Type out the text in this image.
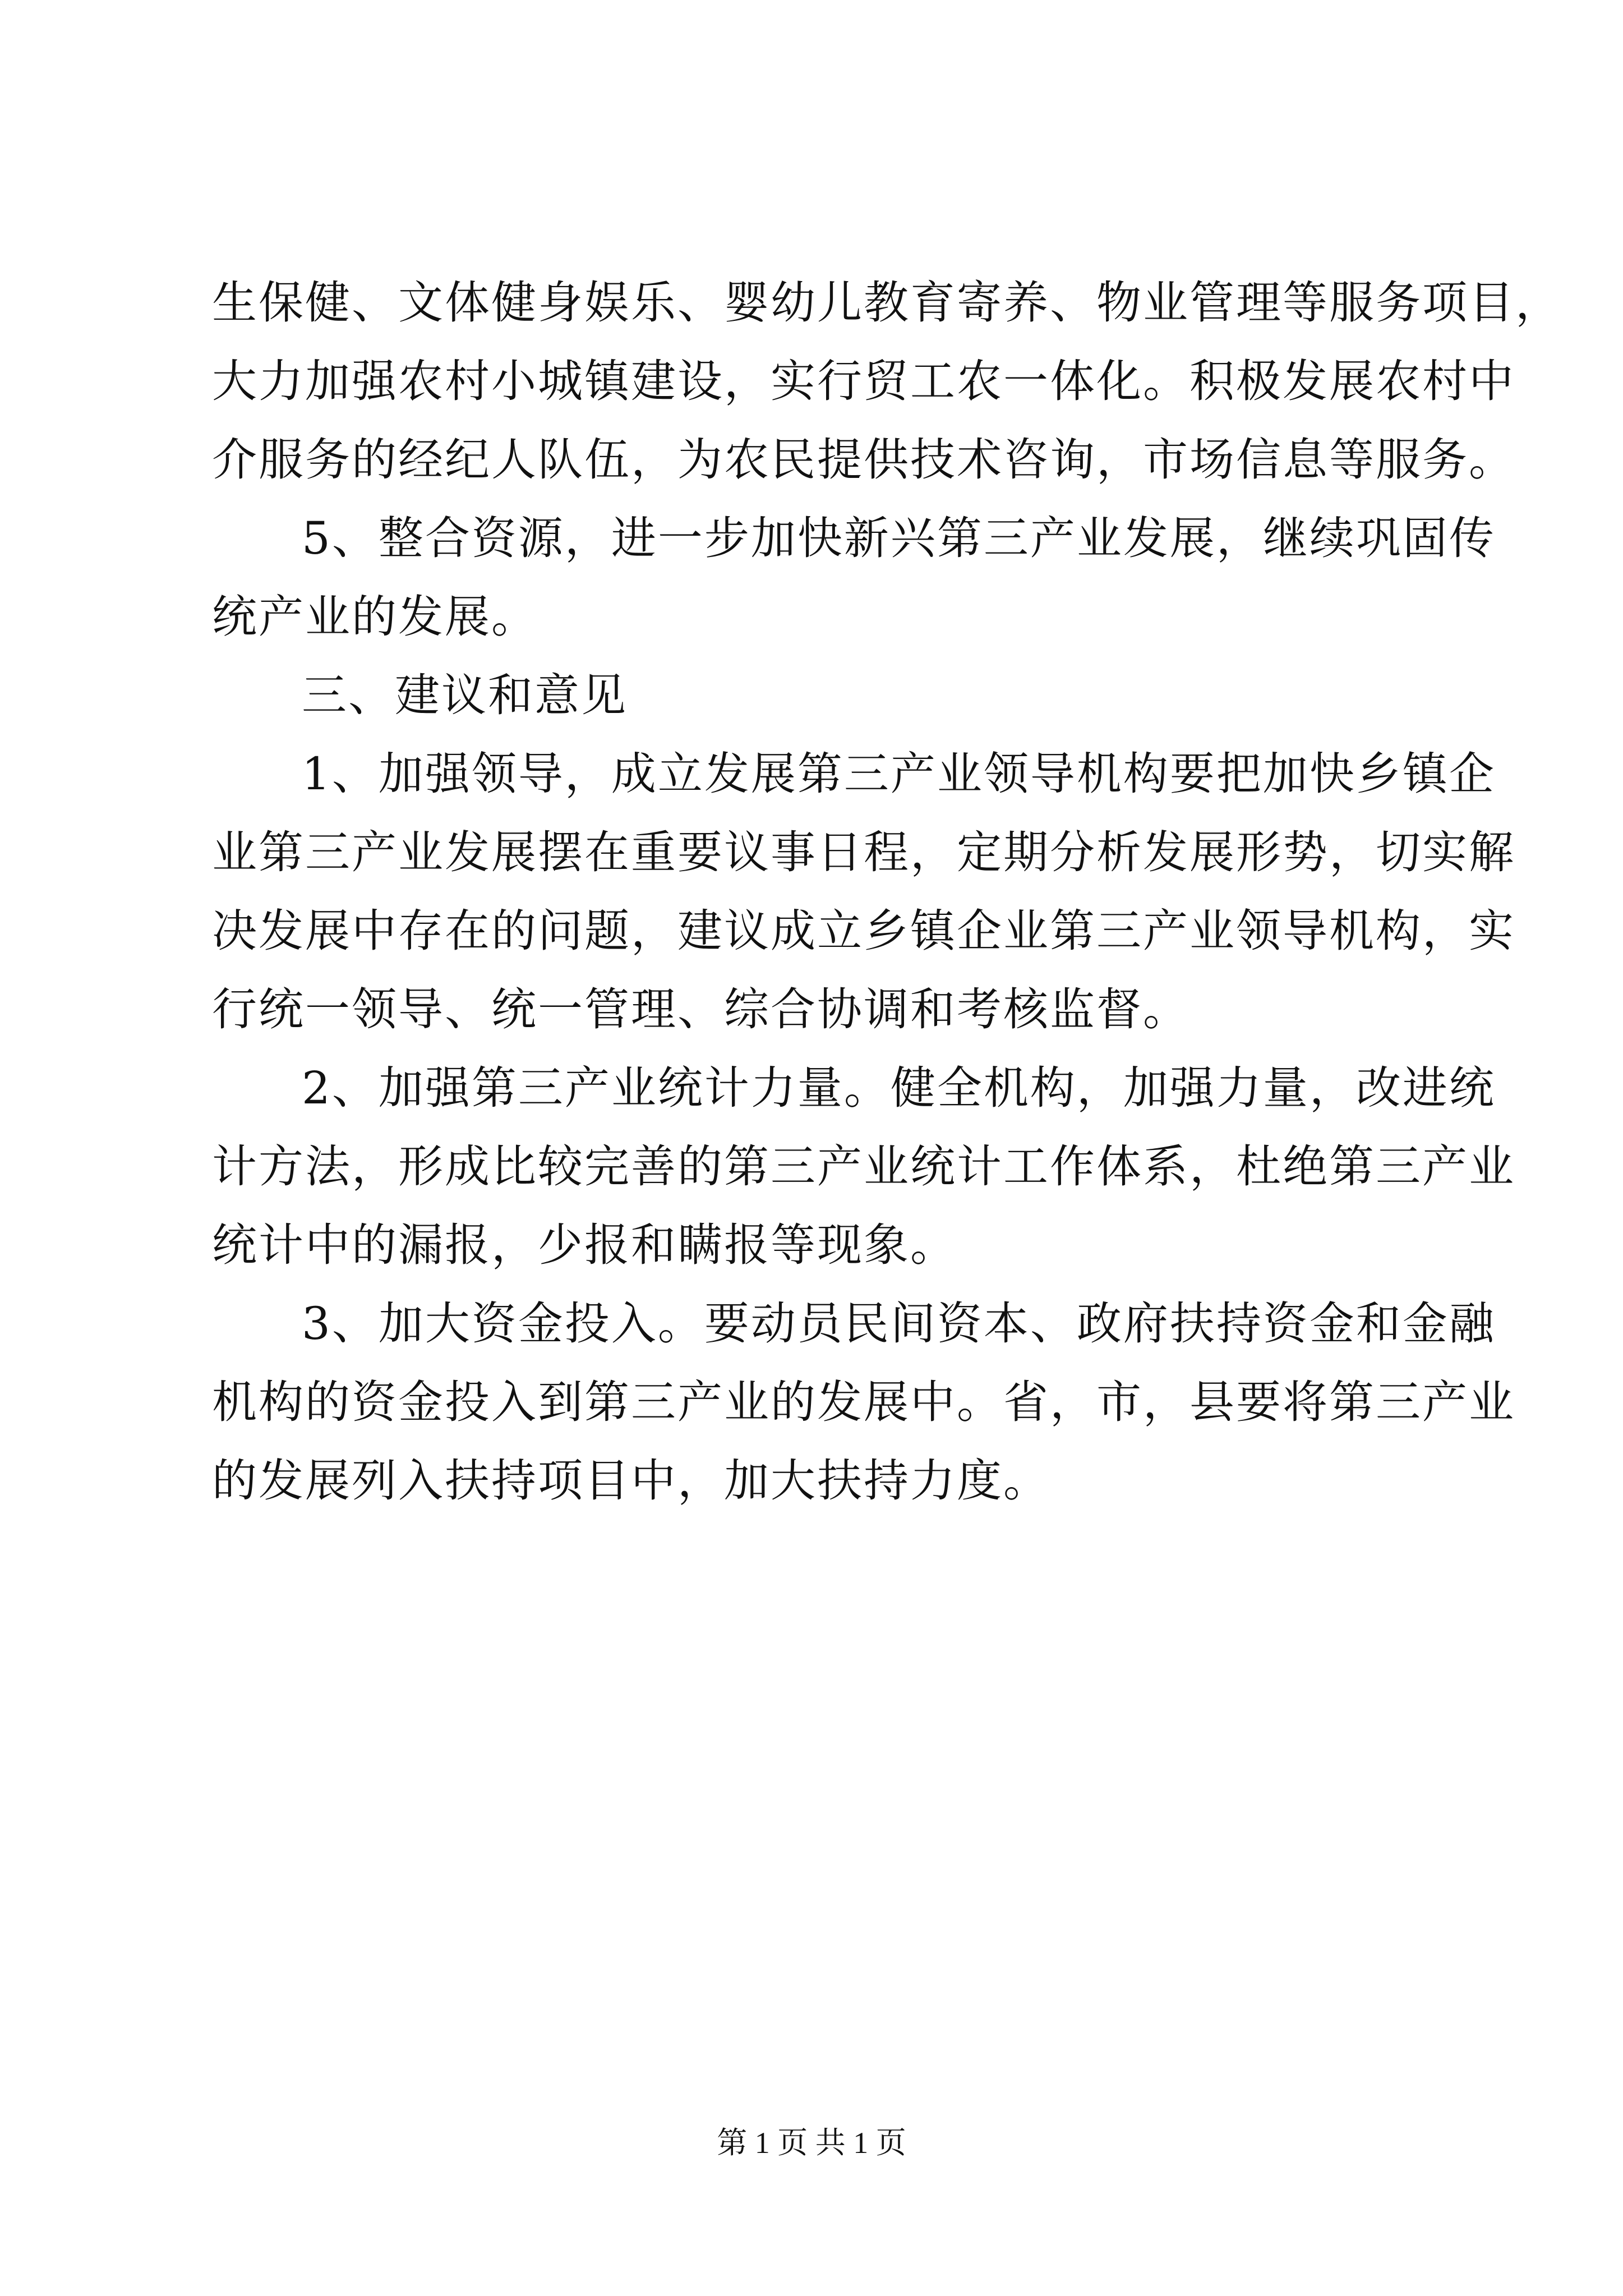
生保健、文体健身娱乐、婴幼儿教育寄养、物业管理等服务项目，
大力加强农村小城镇建设，实行贸工农一体化。积极发展农村中
介服务的经纪人队伍，为农民提供技术咨询，市场信息等服务。
5、整合资源，进一步加快新兴第三产业发展，继续巩固传
统产业的发展。
三、建议和意见
1、加强领导，成立发展第三产业领导机构要把加快乡镇企
业第三产业发展摆在重要议事日程，定期分析发展形势，切实解
决发展中存在的问题，建议成立乡镇企业第三产业领导机构，实
行统一领导、统一管理、综合协调和考核监督。
2、加强第三产业统计力量。健全机构，加强力量，改进统
计方法，形成比较完善的第三产业统计工作体系，杜绝第三产业
统计中的漏报，少报和瞒报等现象。
3、加大资金投入。要动员民间资本、政府扶持资金和金融
机构的资金投入到第三产业的发展中。省，市，县要将第三产业
的发展列入扶持项目中，加大扶持力度。
第 1 页 共 1 页
